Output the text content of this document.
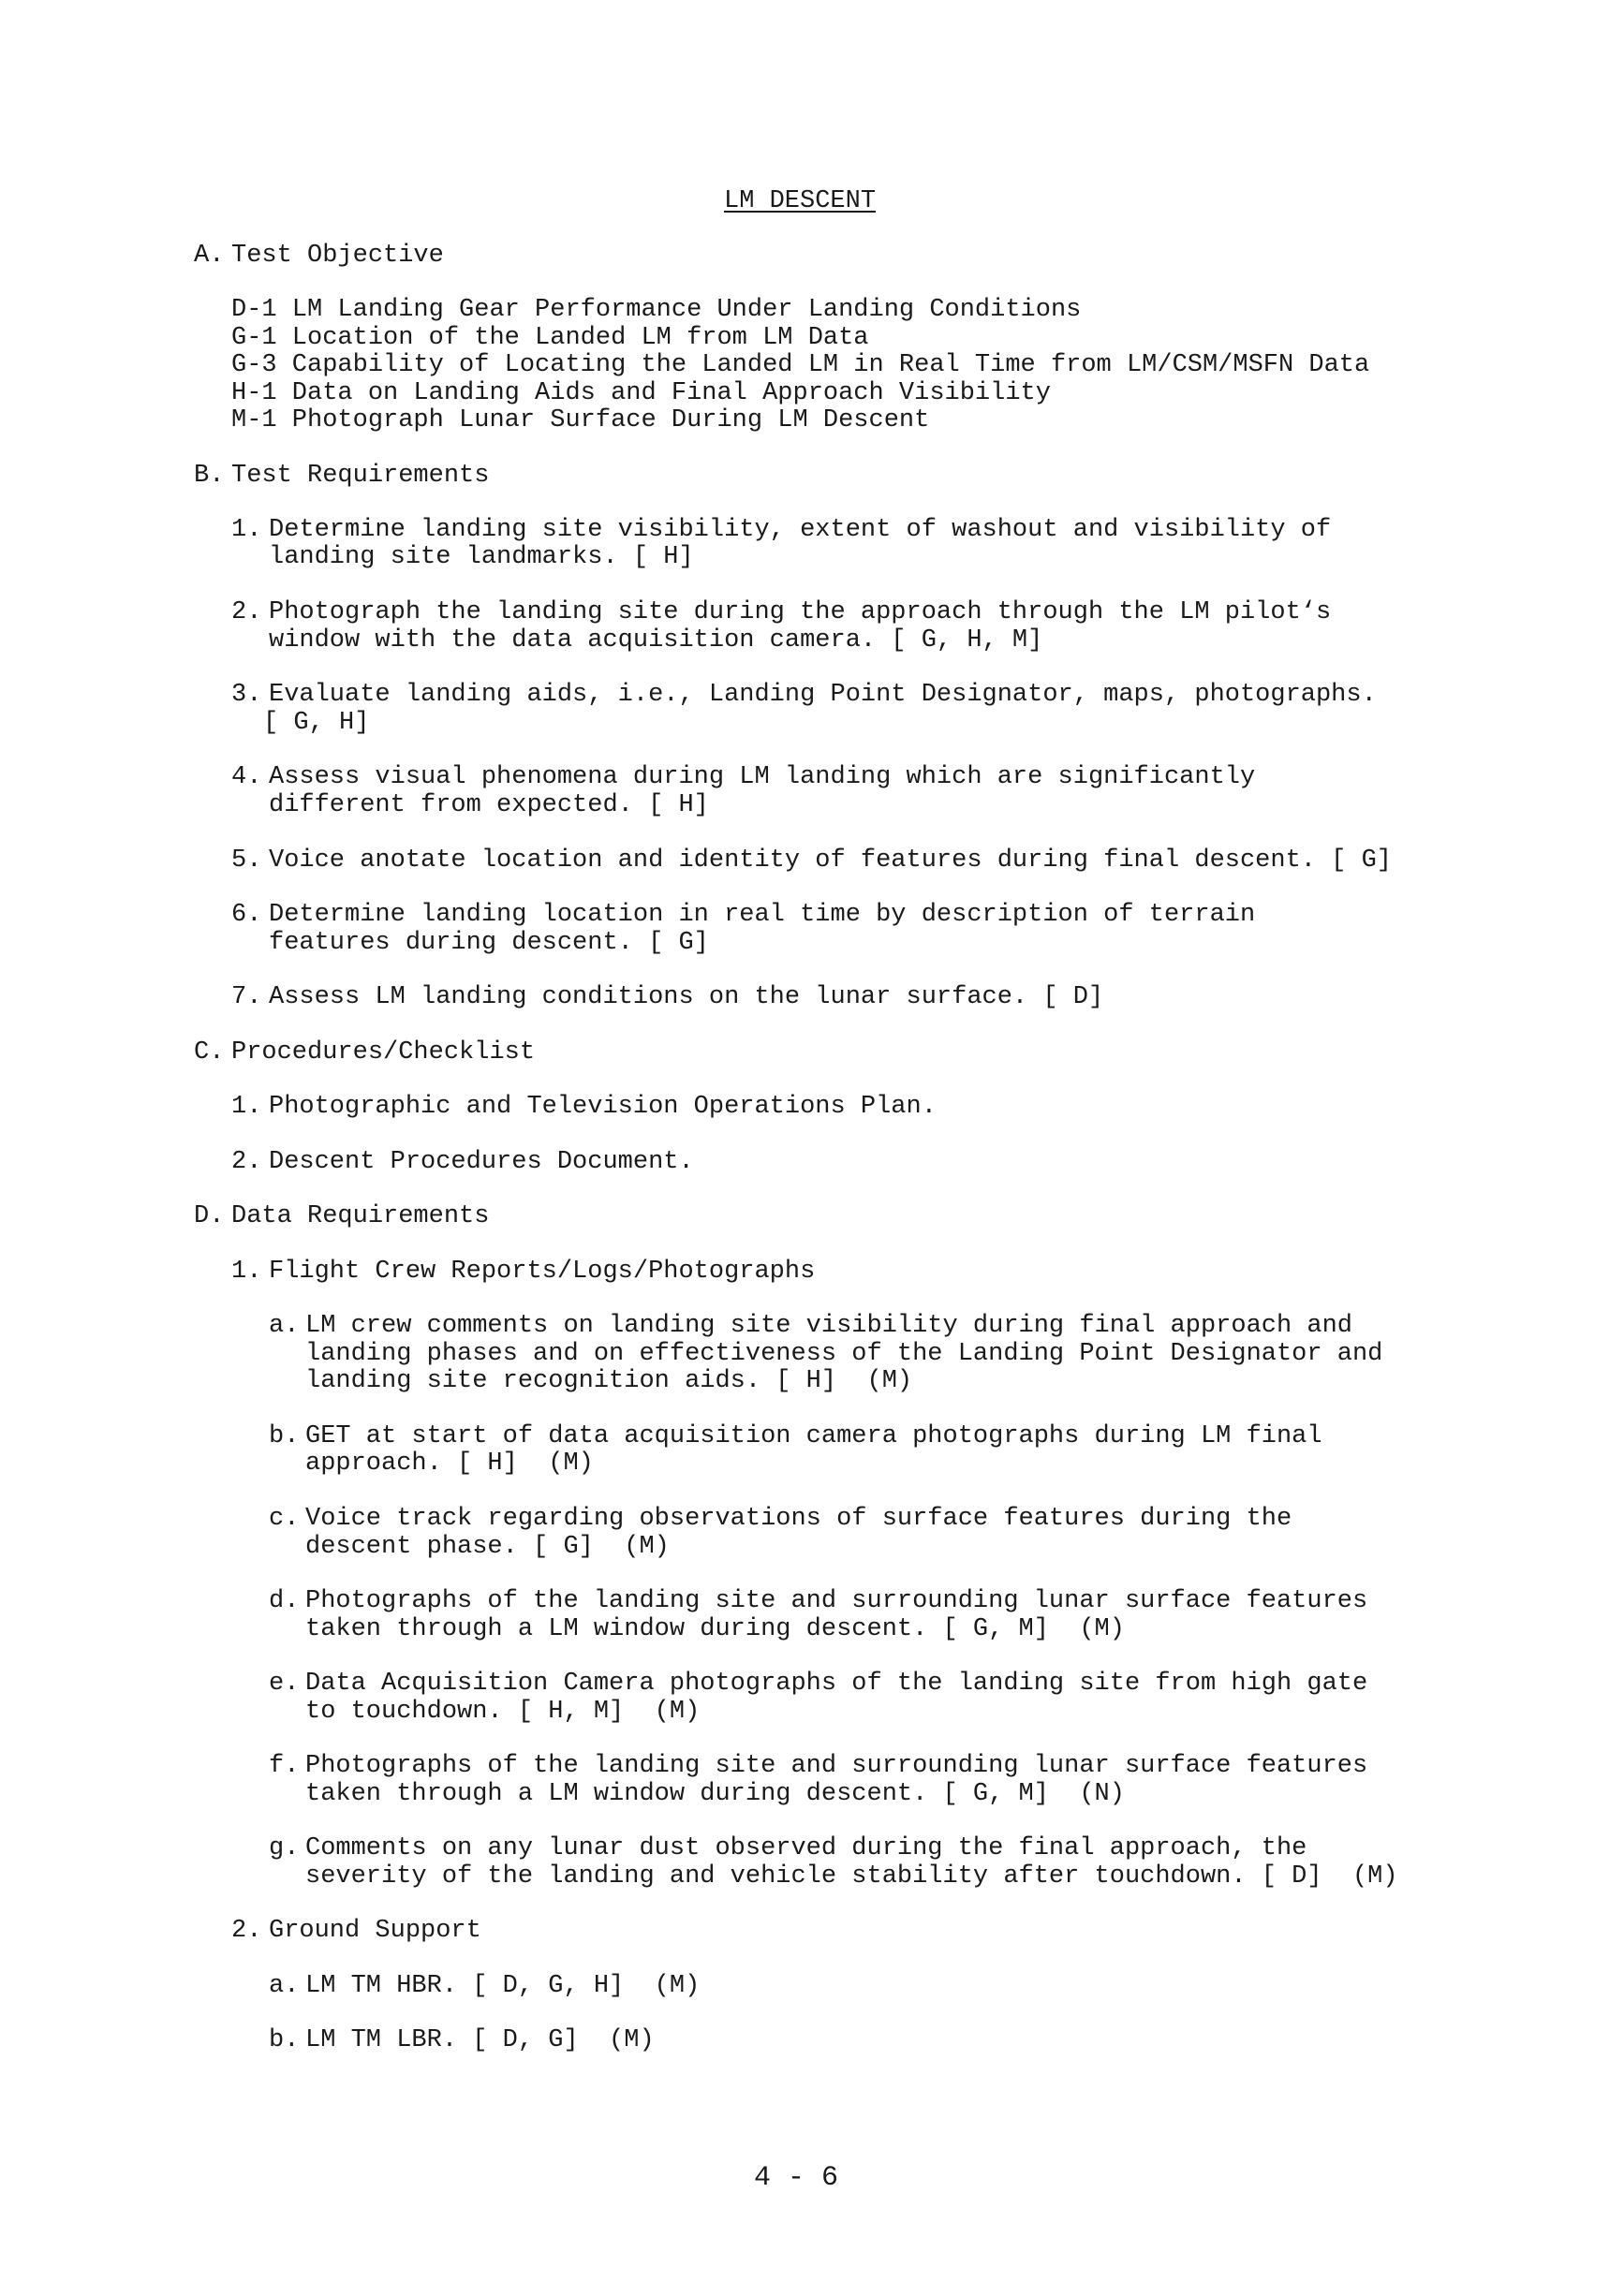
LM DESCENT
A. Test Objective
D-1 LM Landing Gear Performance Under Landing Conditions
G-1 Location of the Landed LM from LM Data
G-3 Capability of Locating the Landed LM in Real Time from LM/CSM/MSFN Data
H-1 Data on Landing Aids and Final Approach Visibility
M-1 Photograph Lunar Surface During LM Descent
B. Test Requirements
1. Determine landing site visibility, extent of washout and visibility of
landing site landmarks. [ H]
2. Photograph the landing site during the approach through the LM pilot‘s
window with the data acquisition camera. [ G, H, M]
3. Evaluate landing aids, i.e., Landing Point Designator, maps, photographs.
[ G, H]
4. Assess visual phenomena during LM landing which are significantly
different from expected. [ H]
5. Voice anotate location and identity of features during final descent. [ G]
6. Determine landing location in real time by description of terrain
features during descent. [ G]
7. Assess LM landing conditions on the lunar surface. [ D]
C. Procedures/Checklist
1. Photographic and Television Operations Plan.
2. Descent Procedures Document.
D. Data Requirements
1. Flight Crew Reports/Logs/Photographs
a. LM crew comments on landing site visibility during final approach and
landing phases and on effectiveness of the Landing Point Designator and
landing site recognition aids. [ H]  (M)
b. GET at start of data acquisition camera photographs during LM final
approach. [ H]  (M)
c. Voice track regarding observations of surface features during the
descent phase. [ G]  (M)
d. Photographs of the landing site and surrounding lunar surface features
taken through a LM window during descent. [ G, M]  (M)
e. Data Acquisition Camera photographs of the landing site from high gate
to touchdown. [ H, M]  (M)
f. Photographs of the landing site and surrounding lunar surface features
taken through a LM window during descent. [ G, M]  (N)
g. Comments on any lunar dust observed during the final approach, the
severity of the landing and vehicle stability after touchdown. [ D]  (M)
2. Ground Support
a. LM TM HBR. [ D, G, H]  (M)
b. LM TM LBR. [ D, G]  (M)
4 - 6
